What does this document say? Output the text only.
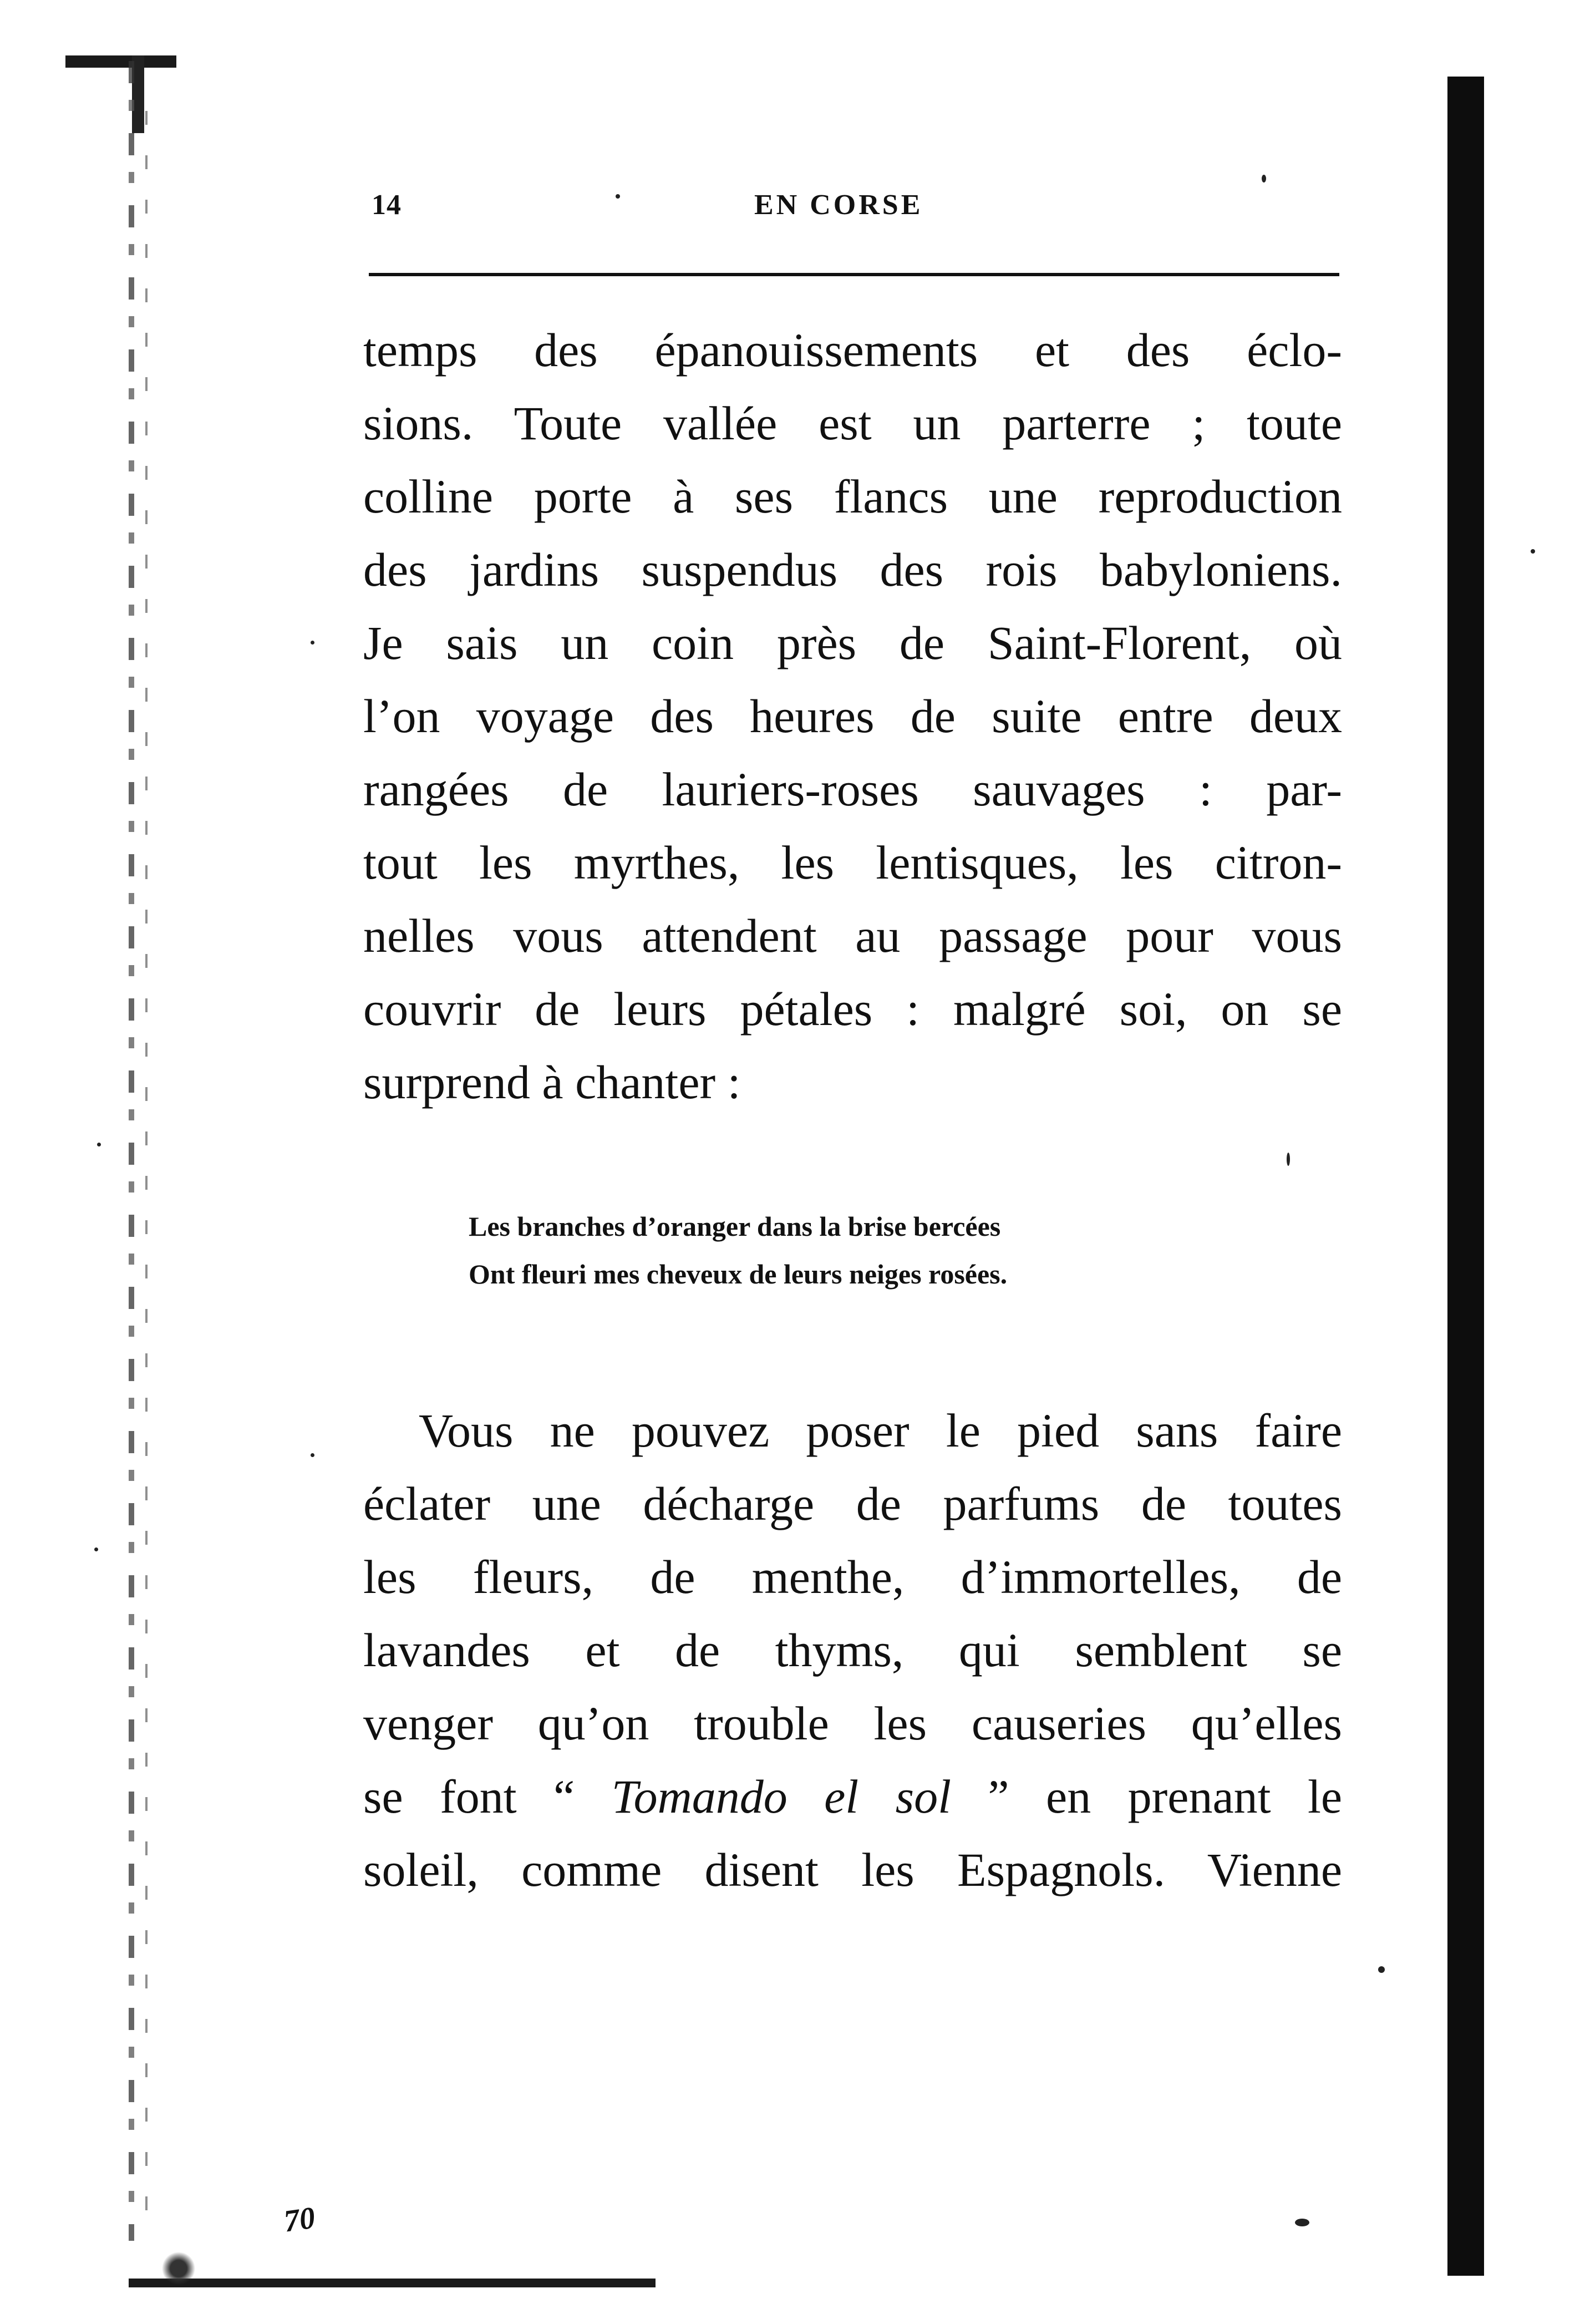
14	EN CORSE
temps des épanouissements et des éclo-
sions. Toute vallée est un parterre ; toute
colline porte à ses flancs une reproduction
des jardins suspendus des rois babyloniens.
Je sais un coin près de Saint-Florent, où
l’on voyage des heures de suite entre deux
rangées de lauriers-roses sauvages : par-
tout les myrthes, les lentisques, les citron-
nelles vous attendent au passage pour vous
couvrir de leurs pétales : malgré soi, on se
surprend à chanter :
Les branches d’oranger dans la brise bercées
Ont fleuri mes cheveux de leurs neiges rosées.
Vous ne pouvez poser le pied sans faire
éclater une décharge de parfums de toutes
les fleurs, de menthe, d’immortelles, de
lavandes et de thyms, qui semblent se
venger qu’on trouble les causeries qu’elles
se font “ Tomando el sol ” en prenant le
soleil, comme disent les Espagnols. Vienne
70
